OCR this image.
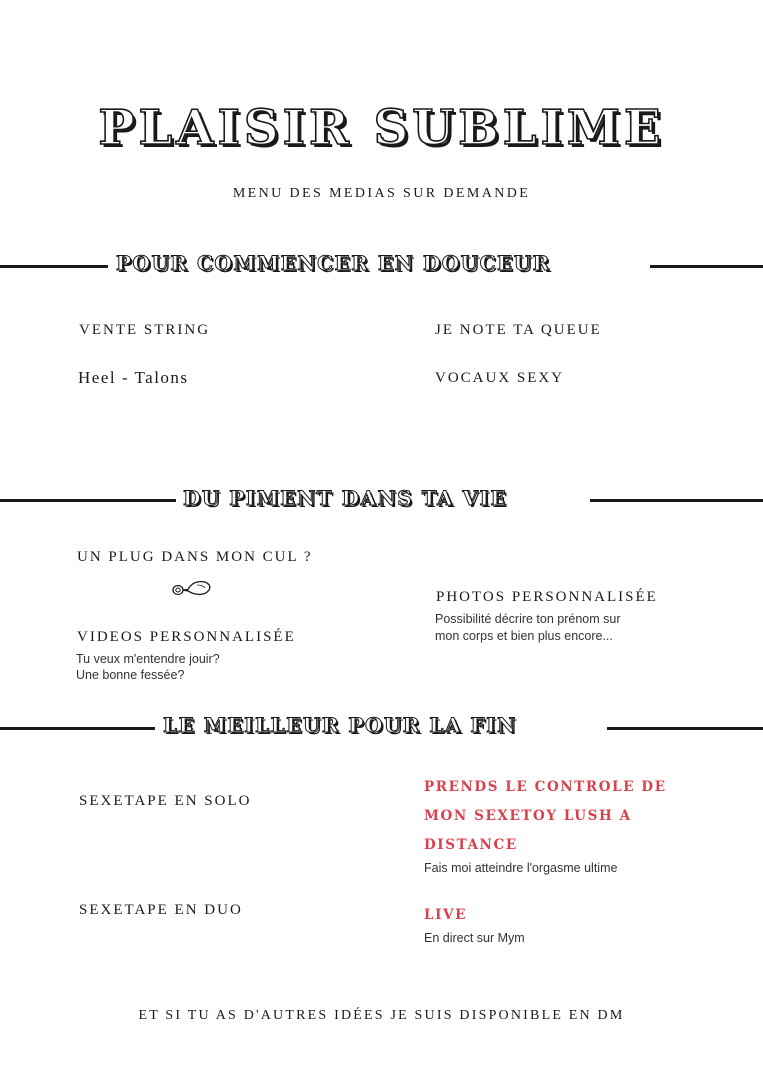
PLAISIR SUBLIME

MENU DES MEDIAS SUR DEMANDE

POUR COMMENCER EN DOUCEUR
VENTE STRING	JE NOTE TA QUEUE
Heel - Talons	VOCAUX SEXY
DU PIMENT DANS TA VIE
UN PLUG DANS MON CUL ?
PHOTOS PERSONNALISÉE
Possibilité décrire ton prénom sur
mon corps et bien plus encore...
VIDEOS PERSONNALISÉE
Tu veux m'entendre jouir?
Une bonne fessée?
LE MEILLEUR POUR LA FIN
SEXETAPE EN SOLO
PRENDS LE CONTROLE DE
MON SEXETOY LUSH A
DISTANCE
Fais moi atteindre l'orgasme ultime
SEXETAPE EN DUO	LIVE
En direct sur Mym
ET SI TU AS D'AUTRES IDÉES JE SUIS DISPONIBLE EN DM
